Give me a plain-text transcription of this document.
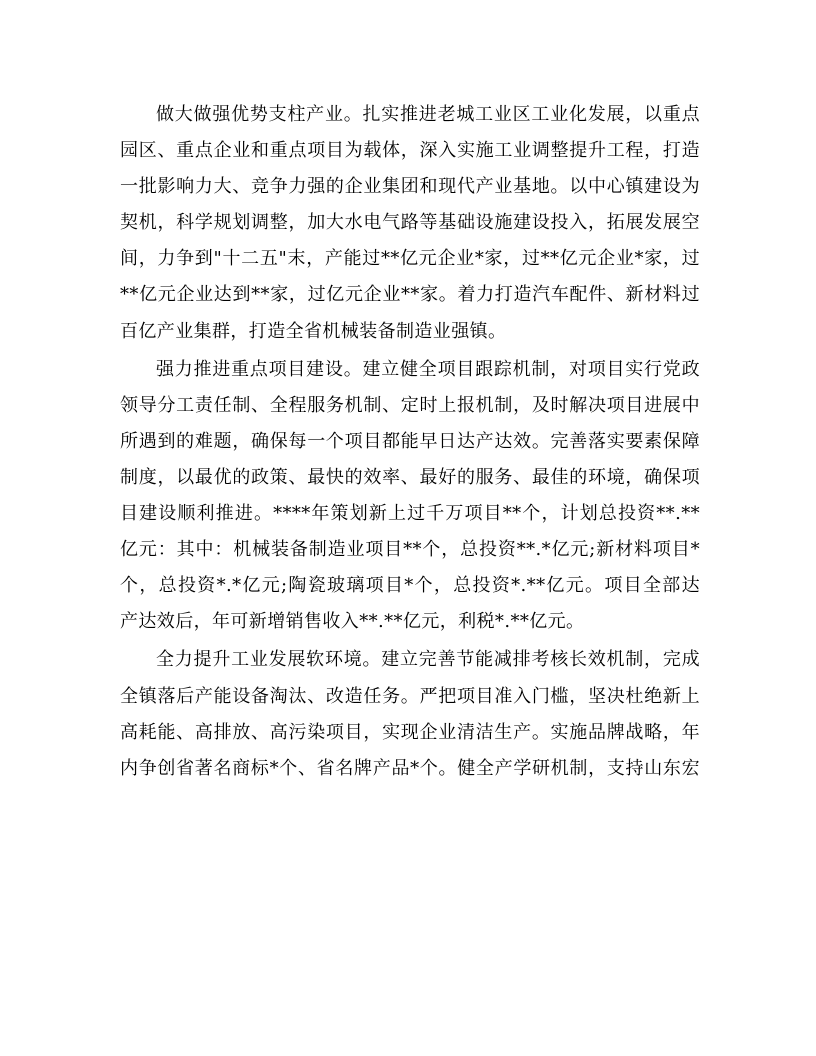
做大做强优势支柱产业。扎实推进老城工业区工业化发展，以重点
园区、重点企业和重点项目为载体，深入实施工业调整提升工程，打造
一批影响力大、竞争力强的企业集团和现代产业基地。以中心镇建设为
契机，科学规划调整，加大水电气路等基础设施建设投入，拓展发展空
间，力争到"十二五"末，产能过**亿元企业*家，过**亿元企业*家，过
**亿元企业达到**家，过亿元企业**家。着力打造汽车配件、新材料过
百亿产业集群，打造全省机械装备制造业强镇。
强力推进重点项目建设。建立健全项目跟踪机制，对项目实行党政
领导分工责任制、全程服务机制、定时上报机制，及时解决项目进展中
所遇到的难题，确保每一个项目都能早日达产达效。完善落实要素保障
制度，以最优的政策、最快的效率、最好的服务、最佳的环境，确保项
目建设顺利推进。****年策划新上过千万项目**个，计划总投资**.**
亿元：其中：机械装备制造业项目**个，总投资**.*亿元;新材料项目*
个，总投资*.*亿元;陶瓷玻璃项目*个，总投资*.**亿元。项目全部达
产达效后，年可新增销售收入**.**亿元，利税*.**亿元。
全力提升工业发展软环境。建立完善节能减排考核长效机制，完成
全镇落后产能设备淘汰、改造任务。严把项目准入门槛，坚决杜绝新上
高耗能、高排放、高污染项目，实现企业清洁生产。实施品牌战略，年
内争创省著名商标*个、省名牌产品*个。健全产学研机制，支持山东宏
